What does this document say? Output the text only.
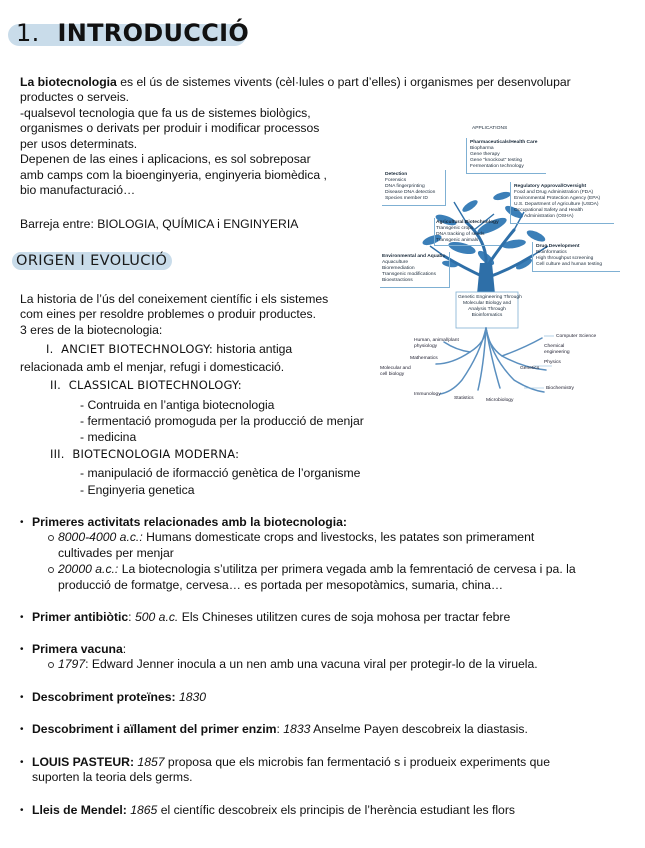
1. INTRODUCCIÓ
La biotecnologia es el ús de sistemes vivents (cèl·lules o part d’elles) i organismes per desenvolupar
productes o serveis.
-qualsevol tecnologia que fa us de sistemes biològics,
organismes o derivats per produir i modificar processos
per usos determinats.
Depenen de las eines i aplicacions, es sol sobreposar
amb camps com la bioenginyeria, enginyeria biomèdica ,
bio manufacturació…
Barreja entre: BIOLOGIA, QUÍMICA i ENGINYERIA
ORIGEN I EVOLUCIÓ
La historia de l’ús del coneixement científic i els sistemes
com eines per resoldre problemes o produir productes.
3 eres de la biotecnologia:
I. ANCIET BIOTECHNOLOGY: historia antiga
relacionada amb el menjar, refugi i domesticació.
II. CLASSICAL BIOTECHNOLOGY:
- Contruida en l’antiga biotecnologia
- fermentació promoguda per la producció de menjar
- medicina
III. BIOTECNOLOGIA MODERNA:
- manipulació de iformacció genètica de l’organisme
- Enginyeria genetica
• Primeres activitats relacionades amb la biotecnologia:
8000-4000 a.c.: Humans domesticate crops and livestocks, les patates son primerament
cultivades per menjar
20000 a.c.: La biotecnologia s’utilitza per primera vegada amb la femrentació de cervesa i pa. la
producció de formatge, cervesa… es portada per mesopotàmics, sumaria, china…
• Primer antibiòtic: 500 a.c. Els Chineses utilitzen cures de soja mohosa per tractar febre
• Primera vacuna:
1797: Edward Jenner inocula a un nen amb una vacuna viral per protegir-lo de la viruela.
• Descobriment proteïnes: 1830
• Descobriment i aïllament del primer enzim: 1833 Anselme Payen descobreix la diastasis.
• LOUIS PASTEUR: 1857 proposa que els microbis fan fermentació s i produeix experiments que
suporten la teoria dels germs.
• Lleis de Mendel: 1865 el científic descobreix els principis de l’herència estudiant les flors
APPLICATIONS
Pharmaceuticals/Health Care
Biopharma
Gene therapy
Gene "knockout" testing
Fermentation technology
Detection
Forensics
DNA fingerprinting
Disease DNA detection
Species member ID
Regulatory Approval/Oversight
Food and Drug Administration (FDA)
Environmental Protection Agency (EPA)
U.S. Department of Agriculture (USDA)
Occupational Safety and Health
Administration (OSHA)
Agricultural Biotechnology
Transgenic crops
DNA tracking of seeds
Transgenic animals
Environmental and Aquatic
Aquaculture
Bioremediation
Transgenic modifications
Bioextractions
Drug Development
Bioinformatics
High throughput screening
Cell culture and human testing
Genetic Engineering Through
Molecular Biology and
Analysis Through
Bioinformatics
Human, animal/plant
physiology
Mathematics
Molecular and
cell biology
Immunology
Statistics	Microbiology
Computer Science
Chemical
engineering
Genetics
Physics
Biochemistry
